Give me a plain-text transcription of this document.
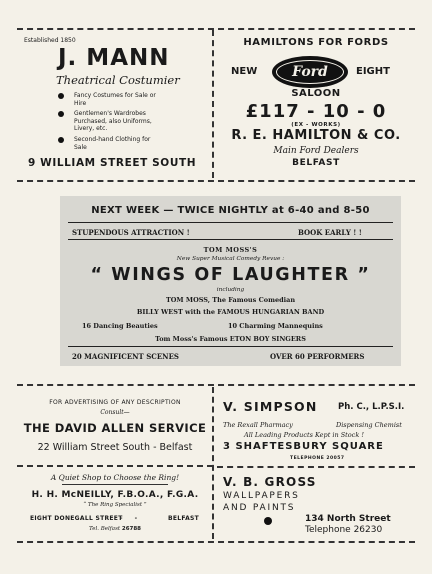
Established 1850
J. MANN
Theatrical Costumier
Fancy Costumes for Sale or Hire
Gentlemen's Wardrobes Purchased, also Uniforms, Livery, etc.
Second-hand Clothing for Sale
9 WILLIAM STREET SOUTH
HAMILTONS FOR FORDS
NEW	Ford	EIGHT
SALOON
£117 - 10 - 0
(EX - WORKS)
R. E. HAMILTON & CO.
Main Ford Dealers
BELFAST
NEXT WEEK — TWICE NIGHTLY at 6-40 and 8-50
STUPENDOUS ATTRACTION !	BOOK EARLY ! !
TOM MOSS'S
New Super Musical Comedy Revue :
“ WINGS OF LAUGHTER ”
including
TOM MOSS, The Famous Comedian
BILLY WEST with the FAMOUS HUNGARIAN BAND
16 Dancing Beauties	10 Charming Mannequins
Tom Moss's Famous ETON BOY SINGERS
20 MAGNIFICENT SCENES	OVER 60 PERFORMERS
FOR ADVERTISING OF ANY DESCRIPTION
Consult—
THE DAVID ALLEN SERVICE
22 William Street South - Belfast
A Quiet Shop to Choose the Ring!
H. H. McNEILLY, F.B.O.A., F.G.A.
“ The Ring Specialist ”
EIGHT DONEGALL STREET
- -	BELFAST
Tel. Belfast 26788
V. SIMPSON Ph. C., L.P.S.I.
The Rexall Pharmacy	Dispensing Chemist
All Leading Products Kept in Stock !
3 SHAFTESBURY SQUARE
TELEPHONE 20057
V. B. GROSS
WALLPAPERS
AND PAINTS
134 North Street
Telephone 26230
